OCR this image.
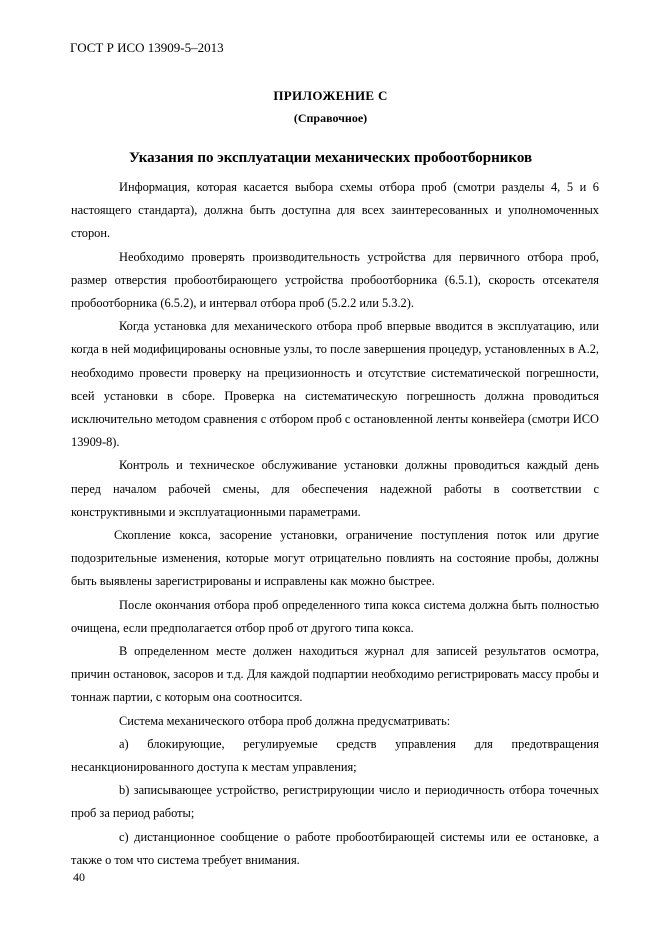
ГОСТ Р ИСО 13909-5–2013
ПРИЛОЖЕНИЕ С
(Справочное)
Указания по эксплуатации механических пробоотборников

Информация, которая касается выбора схемы отбора проб (смотри разделы 4, 5 и 6 настоящего стандарта), должна быть доступна для всех заинтересованных и уполномоченных сторон.

Необходимо проверять производительность устройства для первичного отбора проб, размер отверстия пробоотбирающего устройства пробоотборника (6.5.1), скорость отсекателя пробоотборника (6.5.2), и интервал отбора проб (5.2.2 или 5.3.2).

Когда установка для механического отбора проб впервые вводится в эксплуатацию, или когда в ней модифицированы основные узлы, то после завершения процедур, установленных в А.2, необходимо провести проверку на прецизионность и отсутствие систематической погрешности, всей установки в сборе. Проверка на систематическую погрешность должна проводиться исключительно методом сравнения с отбором проб с остановленной ленты конвейера (смотри ИСО 13909-8).

Контроль и техническое обслуживание установки должны проводиться каждый день перед началом рабочей смены, для обеспечения надежной работы в соответствии с конструктивными и эксплуатационными параметрами.

Скопление кокса, засорение установки, ограничение поступления поток или другие подозрительные изменения, которые могут отрицательно повлиять на состояние пробы, должны быть выявлены зарегистрированы и исправлены как можно быстрее.

После окончания отбора проб определенного типа кокса система должна быть полностью очищена, если предполагается отбор проб от другого типа кокса.

В определенном месте должен находиться журнал для записей результатов осмотра, причин остановок, засоров и т.д. Для каждой подпартии необходимо регистрировать массу пробы и тоннаж партии, с которым она соотносится.

Система механического отбора проб должна предусматривать:

а) блокирующие, регулируемые средств управления для предотвращения несанкционированного доступа к местам управления;

b) записывающее устройство, регистрирующии число и периодичность отбора точечных проб за период работы;

с) дистанционное сообщение о работе пробоотбирающей системы или ее остановке, а также о том что система требует внимания.

40
